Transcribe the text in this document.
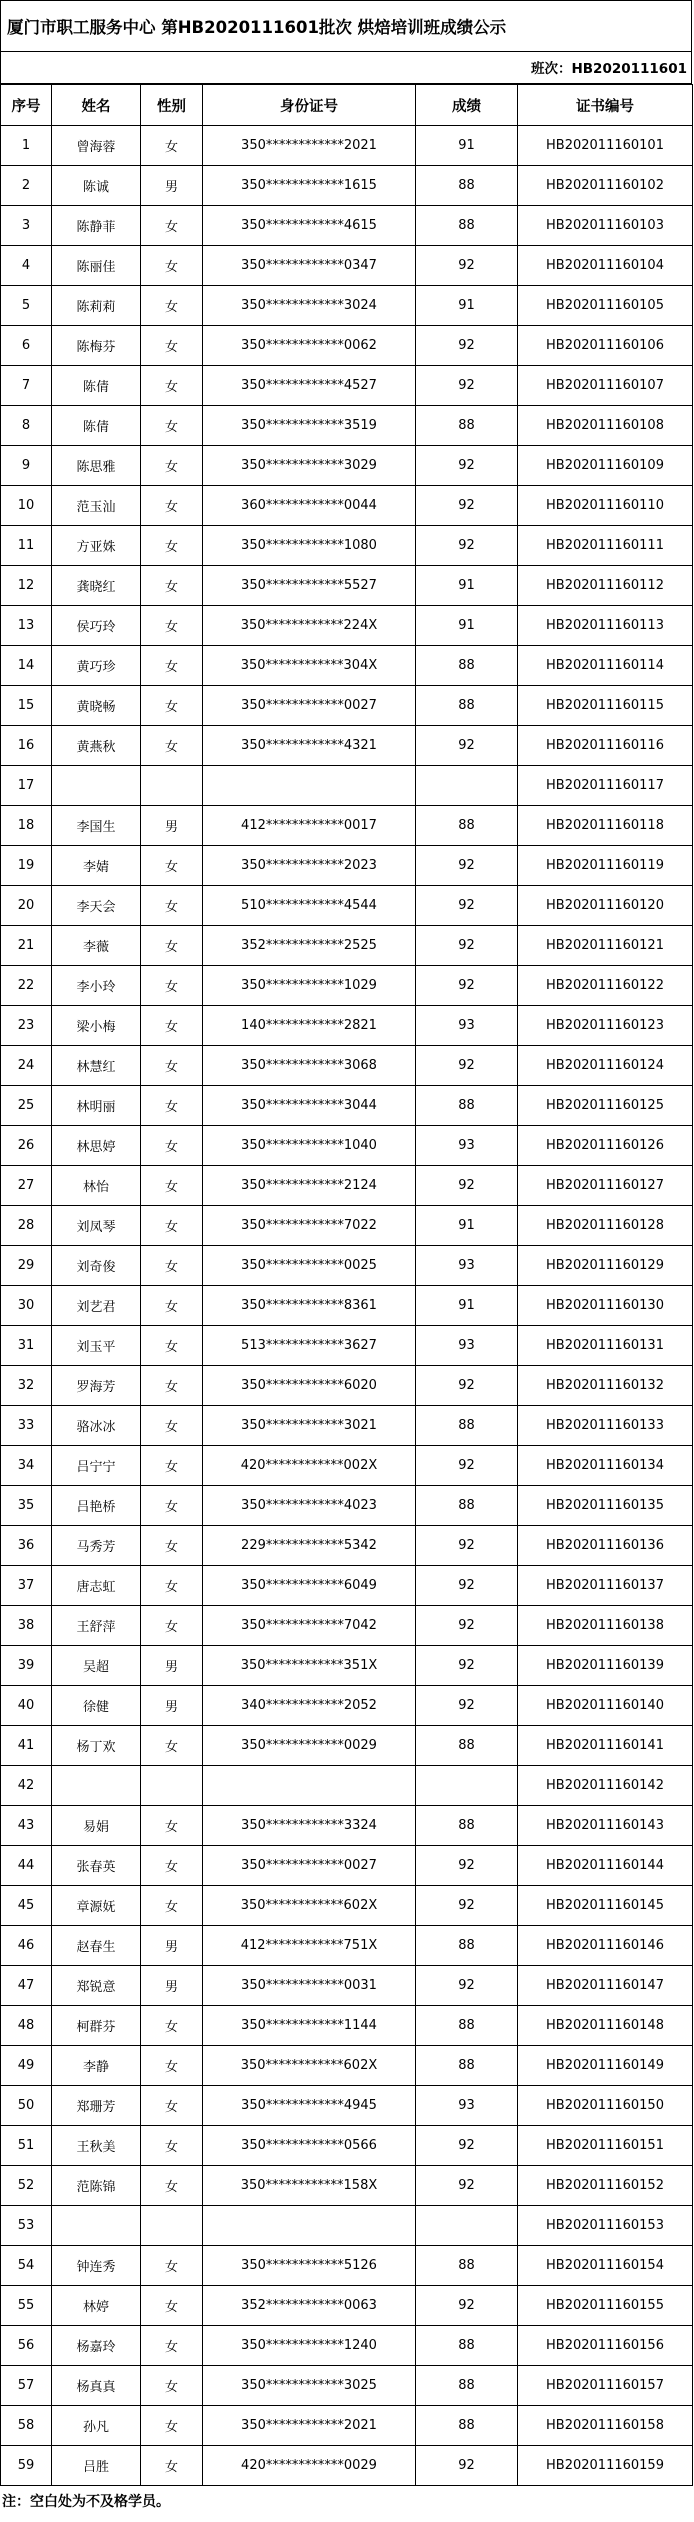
厦门市职工服务中心 第HB2020111601批次 烘焙培训班成绩公示
班次：HB2020111601
序号	姓名	性别	身份证号	成绩	证书编号
1	曾海蓉	女	350************2021	91	HB202011160101
2	陈诚	男	350************1615	88	HB202011160102
3	陈静菲	女	350************4615	88	HB202011160103
4	陈丽佳	女	350************0347	92	HB202011160104
5	陈莉莉	女	350************3024	91	HB202011160105
6	陈梅芬	女	350************0062	92	HB202011160106
7	陈倩	女	350************4527	92	HB202011160107
8	陈倩	女	350************3519	88	HB202011160108
9	陈思雅	女	350************3029	92	HB202011160109
10	范玉汕	女	360************0044	92	HB202011160110
11	方亚姝	女	350************1080	92	HB202011160111
12	龚晓红	女	350************5527	91	HB202011160112
13	侯巧玲	女	350************224X	91	HB202011160113
14	黄巧珍	女	350************304X	88	HB202011160114
15	黄晓畅	女	350************0027	88	HB202011160115
16	黄燕秋	女	350************4321	92	HB202011160116
17					HB202011160117
18	李国生	男	412************0017	88	HB202011160118
19	李婧	女	350************2023	92	HB202011160119
20	李天会	女	510************4544	92	HB202011160120
21	李薇	女	352************2525	92	HB202011160121
22	李小玲	女	350************1029	92	HB202011160122
23	梁小梅	女	140************2821	93	HB202011160123
24	林慧红	女	350************3068	92	HB202011160124
25	林明丽	女	350************3044	88	HB202011160125
26	林思婷	女	350************1040	93	HB202011160126
27	林怡	女	350************2124	92	HB202011160127
28	刘凤琴	女	350************7022	91	HB202011160128
29	刘奇俊	女	350************0025	93	HB202011160129
30	刘艺君	女	350************8361	91	HB202011160130
31	刘玉平	女	513************3627	93	HB202011160131
32	罗海芳	女	350************6020	92	HB202011160132
33	骆冰冰	女	350************3021	88	HB202011160133
34	吕宁宁	女	420************002X	92	HB202011160134
35	吕艳桥	女	350************4023	88	HB202011160135
36	马秀芳	女	229************5342	92	HB202011160136
37	唐志虹	女	350************6049	92	HB202011160137
38	王舒萍	女	350************7042	92	HB202011160138
39	吴超	男	350************351X	92	HB202011160139
40	徐健	男	340************2052	92	HB202011160140
41	杨丁欢	女	350************0029	88	HB202011160141
42					HB202011160142
43	易娟	女	350************3324	88	HB202011160143
44	张春英	女	350************0027	92	HB202011160144
45	章源妩	女	350************602X	92	HB202011160145
46	赵春生	男	412************751X	88	HB202011160146
47	郑锐意	男	350************0031	92	HB202011160147
48	柯群芬	女	350************1144	88	HB202011160148
49	李静	女	350************602X	88	HB202011160149
50	郑珊芳	女	350************4945	93	HB202011160150
51	王秋美	女	350************0566	92	HB202011160151
52	范陈锦	女	350************158X	92	HB202011160152
53					HB202011160153
54	钟连秀	女	350************5126	88	HB202011160154
55	林婷	女	352************0063	92	HB202011160155
56	杨嘉玲	女	350************1240	88	HB202011160156
57	杨真真	女	350************3025	88	HB202011160157
58	孙凡	女	350************2021	88	HB202011160158
59	吕胜	女	420************0029	92	HB202011160159
注：空白处为不及格学员。
